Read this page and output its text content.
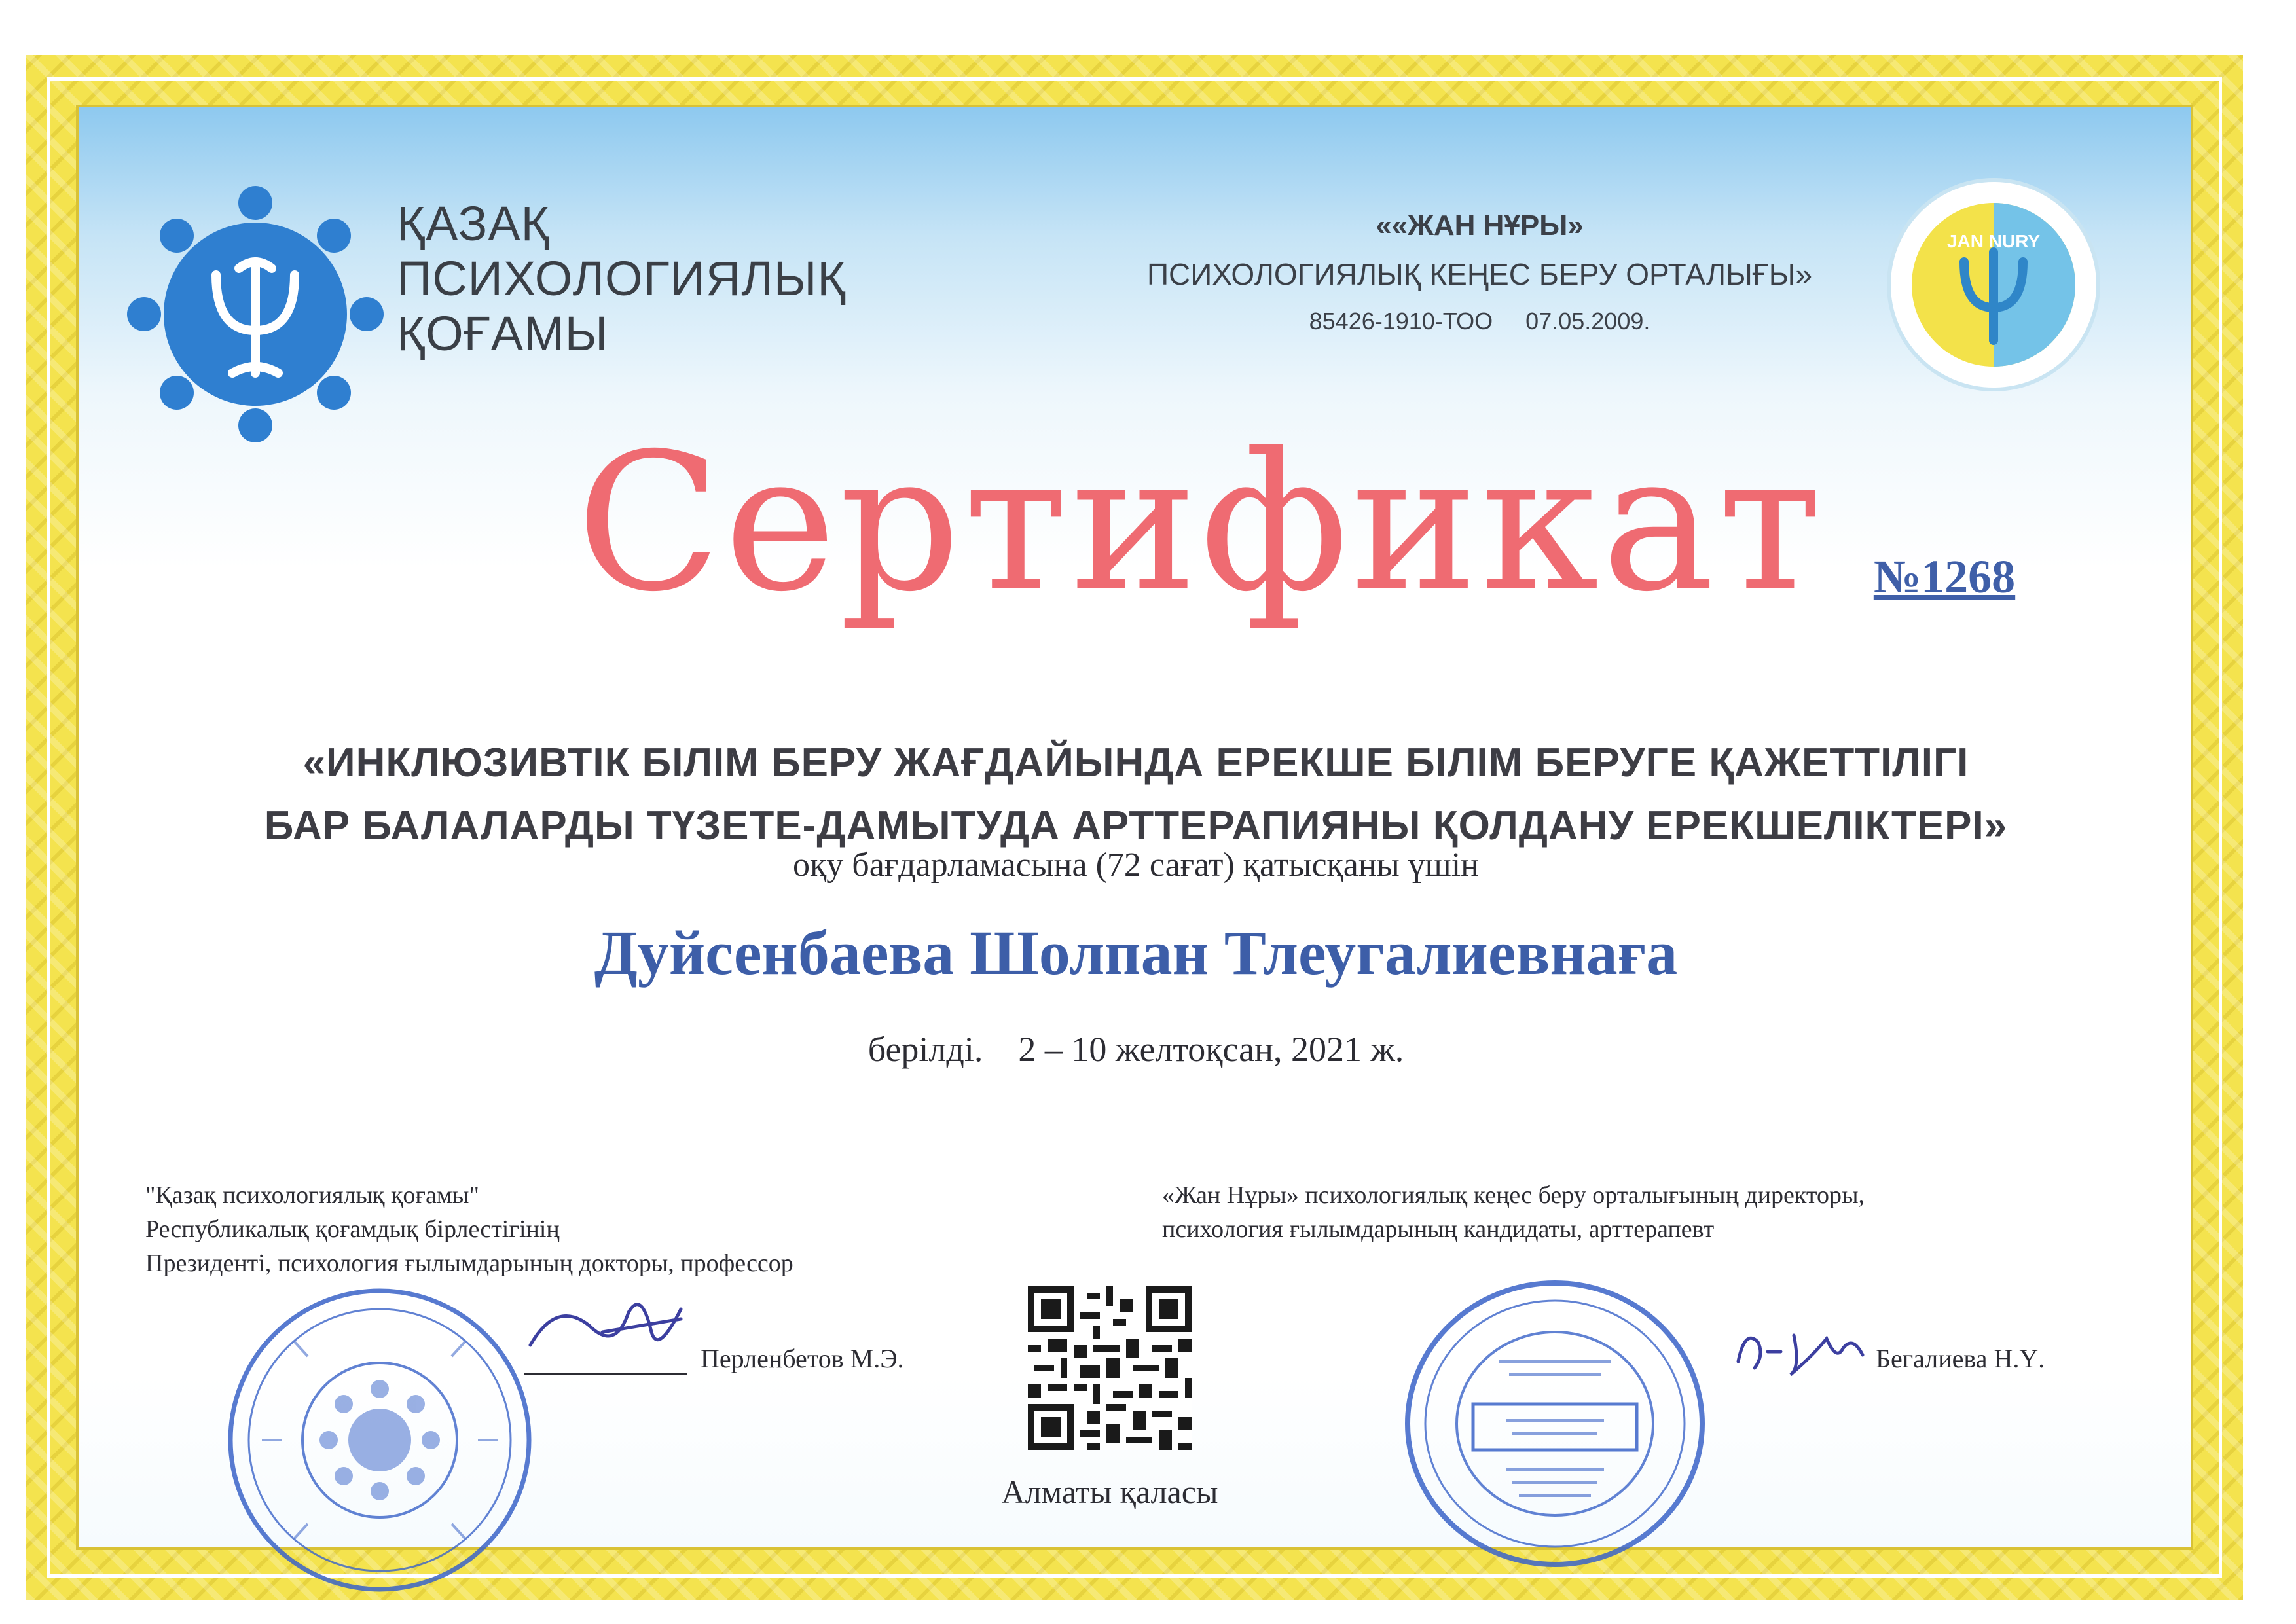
ҚАЗАҚ
ПСИХОЛОГИЯЛЫҚ
ҚОҒАМЫ
««ЖАН НҰРЫ»
ПСИХОЛОГИЯЛЫҚ КЕҢЕС БЕРУ ОРТАЛЫҒЫ»
85426-1910-ТОО     07.05.2009.
JAN NURY
Сертификат	№1268
«ИНКЛЮЗИВТІК БІЛІМ БЕРУ ЖАҒДАЙЫНДА ЕРЕКШЕ БІЛІМ БЕРУГЕ ҚАЖЕТТІЛІГІ
БАР БАЛАЛАРДЫ ТҮЗЕТЕ-ДАМЫТУДА АРТТЕРАПИЯНЫ ҚОЛДАНУ ЕРЕКШЕЛІКТЕРІ»
оқу бағдарламасына (72 сағат) қатысқаны үшін
Дуйсенбаева Шолпан Тлеугалиевнаға
берілді.    2 – 10 желтоқсан, 2021 ж.
"Қазақ психологиялық қоғамы"
Республикалық қоғамдық бірлестігінің
Президенті, психология ғылымдарының докторы, профессор
Перленбетов М.Э.
Алматы қаласы
«Жан Нұры» психологиялық кеңес беру орталығының директоры,
психология ғылымдарының кандидаты, арттерапевт
Бегалиева Н.Ү.
